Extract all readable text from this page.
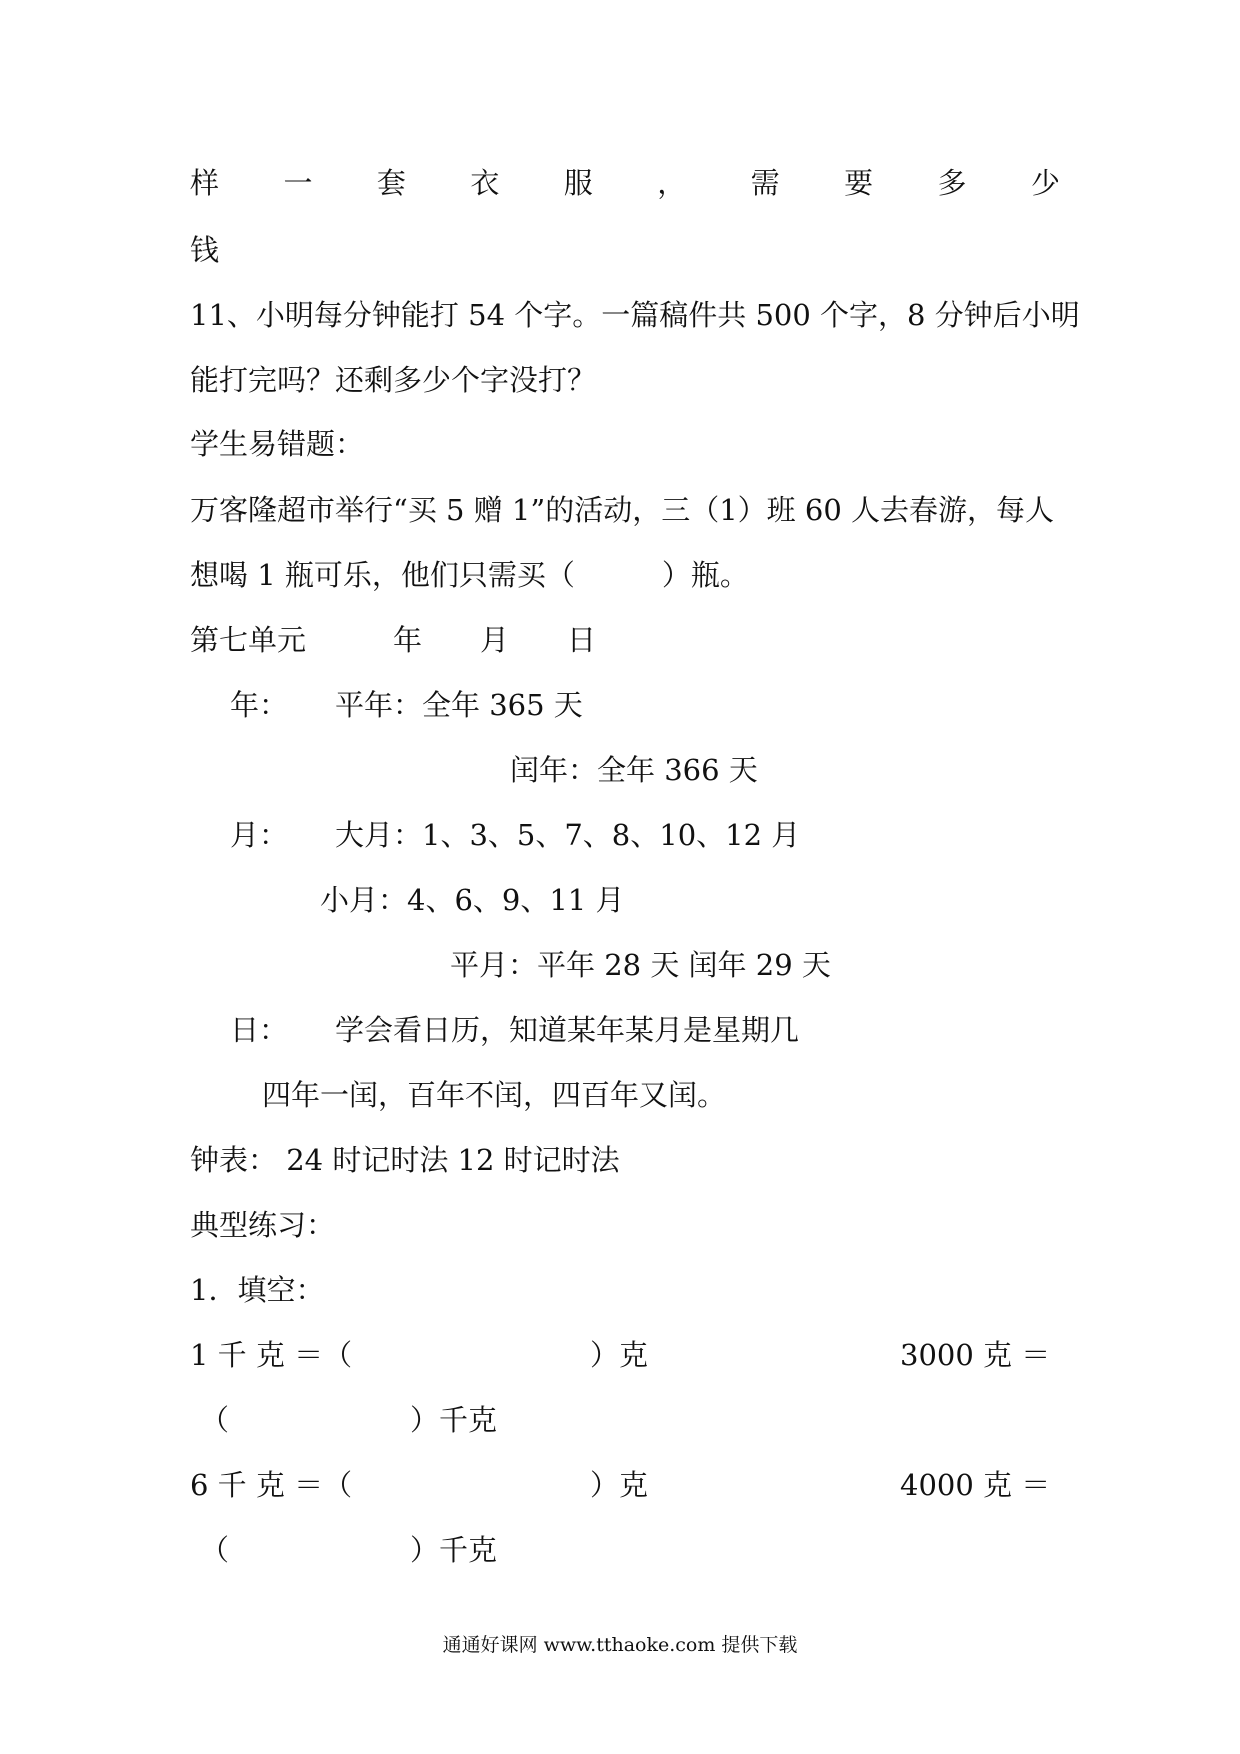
样 一 套 衣 服 ， 需 要 多 少
钱
11、小明每分钟能打 54 个字。一篇稿件共 500 个字，8 分钟后小明
能打完吗？还剩多少个字没打？
学生易错题：
万客隆超市举行“买 5 赠 1”的活动，三（1）班 60 人去春游，每人
想喝 1 瓶可乐，他们只需买（　　　）瓶。
第七单元　　　年　　月　　日
年： 平年：全年 365 天
闰年：全年 366 天
月： 大月：1、3、5、7、8、10、12 月
小月：4、6、9、11 月
平月：平年 28 天 闰年 29 天
日： 学会看日历，知道某年某月是星期几
四年一闰，百年不闰，四百年又闰。
钟表： 24 时记时法 12 时记时法
典型练习：
1．填空：
1 千 克 ＝（	）克	3000 克 ＝
（	）千克
6 千 克 ＝（	）克	4000 克 ＝
（	）千克
通通好课网 www.tthaoke.com 提供下载
